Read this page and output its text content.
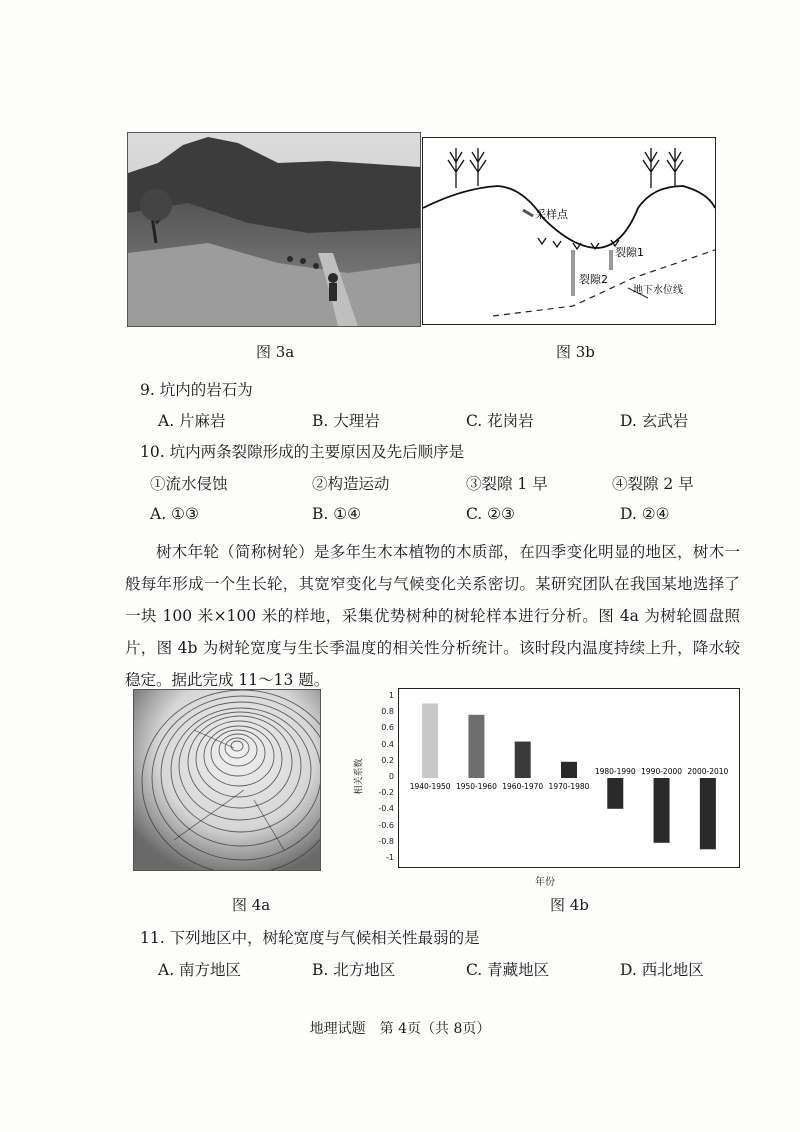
采样点
裂隙1
裂隙2
地下水位线
图 3a	图 3b
9. 坑内的岩石为
A. 片麻岩	B. 大理岩	C. 花岗岩	D. 玄武岩
10. 坑内两条裂隙形成的主要原因及先后顺序是
①流水侵蚀	②构造运动	③裂隙 1 早	④裂隙 2 早
A. ①③	B. ①④	C. ②③	D. ②④
树木年轮（简称树轮）是多年生木本植物的木质部，在四季变化明显的地区，树木一般每年形成一个生长轮，其宽窄变化与气候变化关系密切。某研究团队在我国某地选择了一块 100 米×100 米的样地，采集优势树种的树轮样本进行分析。图 4a 为树轮圆盘照片，图 4b 为树轮宽度与生长季温度的相关性分析统计。该时段内温度持续上升，降水较稳定。据此完成 11～13 题。
1940-1950 1950-1960 1960-1970 1970-1980
1980-1990 1990-2000 2000-2010
1
0.8
0.6
0.4
0.2
0
-0.2
-0.4
-0.6
-0.8
-1
相关系数
年份
图 4a	图 4b
11. 下列地区中，树轮宽度与气候相关性最弱的是
A. 南方地区	B. 北方地区	C. 青藏地区	D. 西北地区
地理试题　第 4页（共 8页）
